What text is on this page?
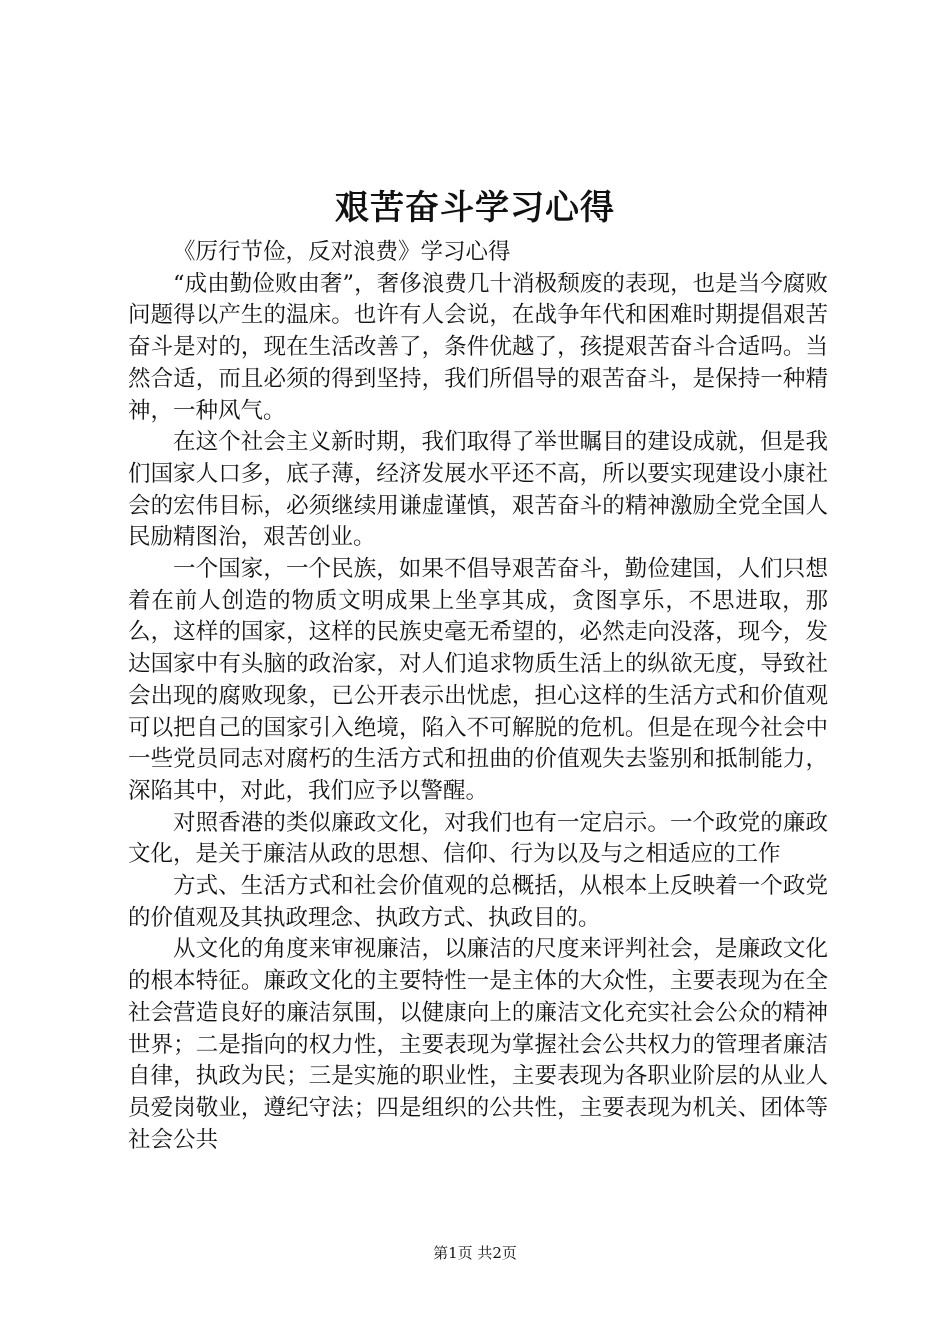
艰苦奋斗学习心得

《厉行节俭，反对浪费》学习心得

“成由勤俭败由奢”，奢侈浪费几十消极颓废的表现，也是当今腐败问题得以产生的温床。也许有人会说，在战争年代和困难时期提倡艰苦奋斗是对的，现在生活改善了，条件优越了，孩提艰苦奋斗合适吗。当然合适，而且必须的得到坚持，我们所倡导的艰苦奋斗，是保持一种精神，一种风气。

在这个社会主义新时期，我们取得了举世瞩目的建设成就，但是我们国家人口多，底子薄，经济发展水平还不高，所以要实现建设小康社会的宏伟目标，必须继续用谦虚谨慎，艰苦奋斗的精神激励全党全国人民励精图治，艰苦创业。

一个国家，一个民族，如果不倡导艰苦奋斗，勤俭建国，人们只想着在前人创造的物质文明成果上坐享其成，贪图享乐，不思进取，那么，这样的国家，这样的民族史毫无希望的，必然走向没落，现今，发达国家中有头脑的政治家，对人们追求物质生活上的纵欲无度，导致社会出现的腐败现象，已公开表示出忧虑，担心这样的生活方式和价值观可以把自己的国家引入绝境，陷入不可解脱的危机。但是在现今社会中一些党员同志对腐朽的生活方式和扭曲的价值观失去鉴别和抵制能力，深陷其中，对此，我们应予以警醒。

对照香港的类似廉政文化，对我们也有一定启示。一个政党的廉政文化，是关于廉洁从政的思想、信仰、行为以及与之相适应的工作

方式、生活方式和社会价值观的总概括，从根本上反映着一个政党的价值观及其执政理念、执政方式、执政目的。

从文化的角度来审视廉洁，以廉洁的尺度来评判社会，是廉政文化的根本特征。廉政文化的主要特性一是主体的大众性，主要表现为在全社会营造良好的廉洁氛围，以健康向上的廉洁文化充实社会公众的精神世界；二是指向的权力性，主要表现为掌握社会公共权力的管理者廉洁自律，执政为民；三是实施的职业性，主要表现为各职业阶层的从业人员爱岗敬业，遵纪守法；四是组织的公共性，主要表现为机关、团体等社会公共

第1页 共2页
